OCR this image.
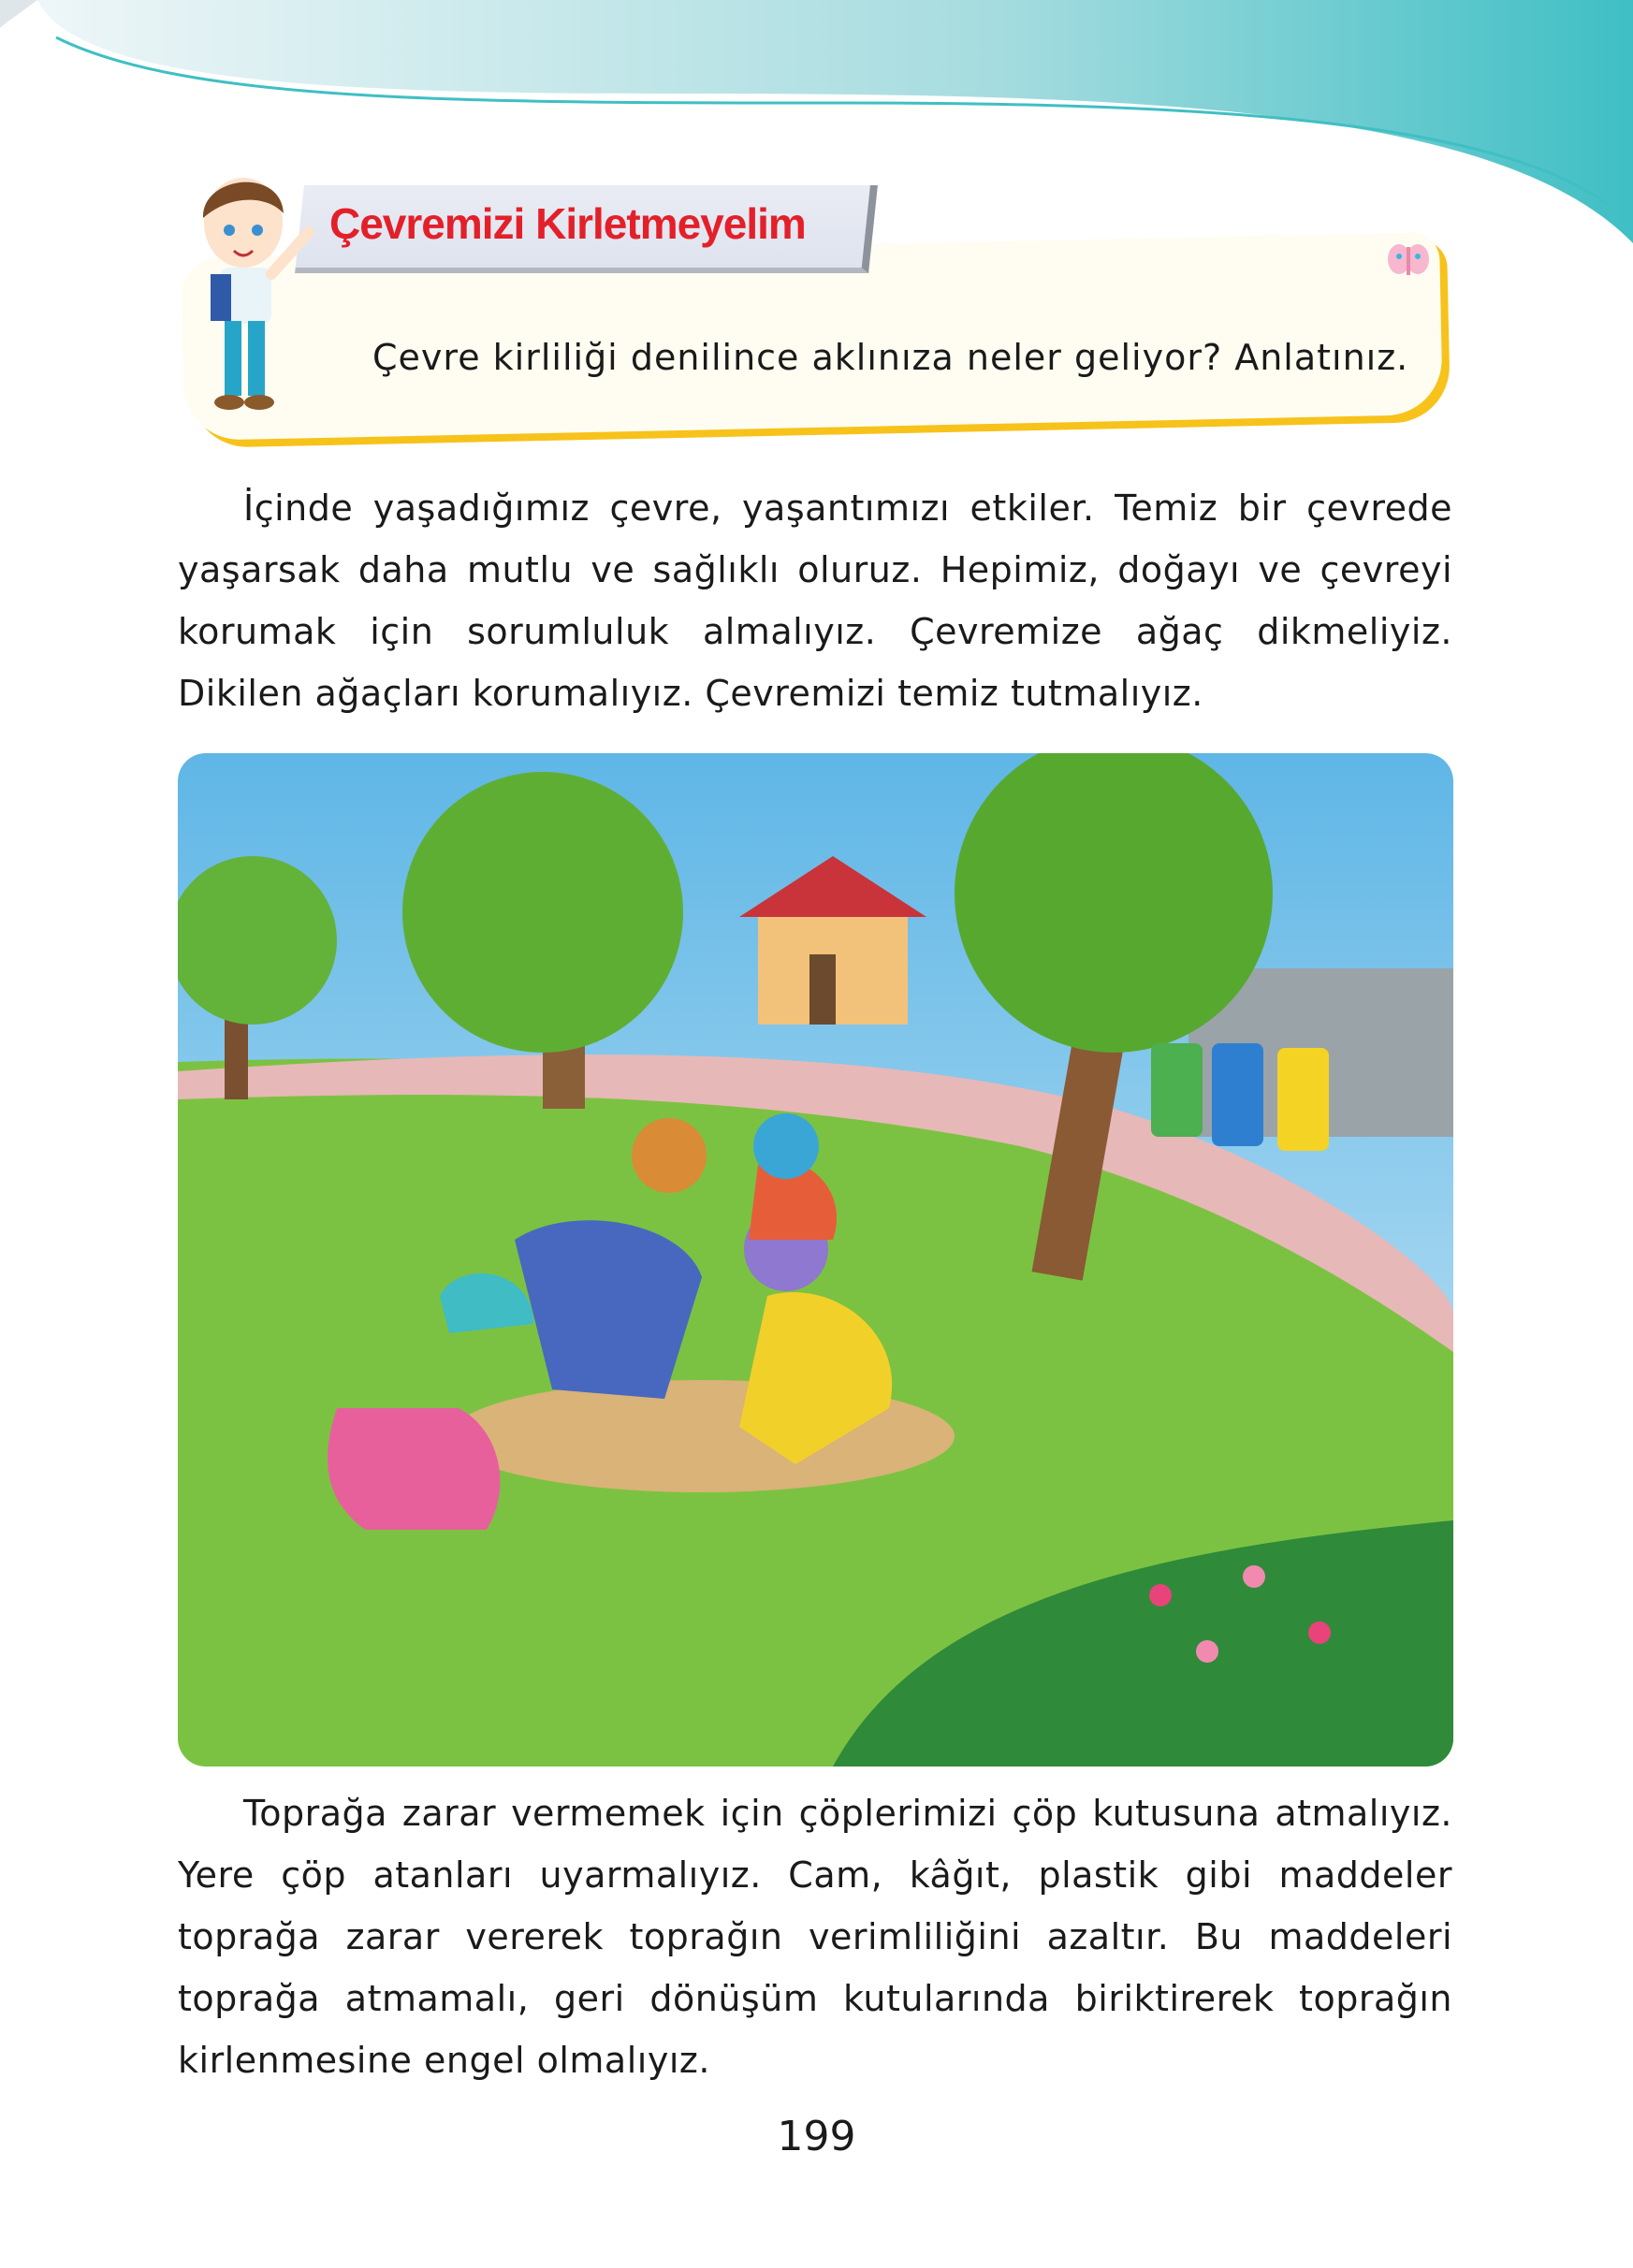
Çevremizi Kirletmeyelim
Çevre kirliliği denilince aklınıza neler geliyor? Anlatınız.

İçinde yaşadığımız çevre, yaşantımızı etkiler. Temiz bir çevrede yaşarsak daha mutlu ve sağlıklı oluruz. Hepimiz, doğayı ve çevreyi korumak için sorumluluk almalıyız. Çevremize ağaç dikmeliyiz. Dikilen ağaçları korumalıyız. Çevremizi temiz tutmalıyız.

Toprağa zarar vermemek için çöplerimizi çöp kutusuna atmalıyız. Yere çöp atanları uyarmalıyız. Cam, kâğıt, plastik gibi maddeler toprağa zarar vererek toprağın verimliliğini azaltır. Bu maddeleri toprağa atmamalı, geri dönüşüm kutularında biriktirerek toprağın kirlenmesine engel olmalıyız.

199
